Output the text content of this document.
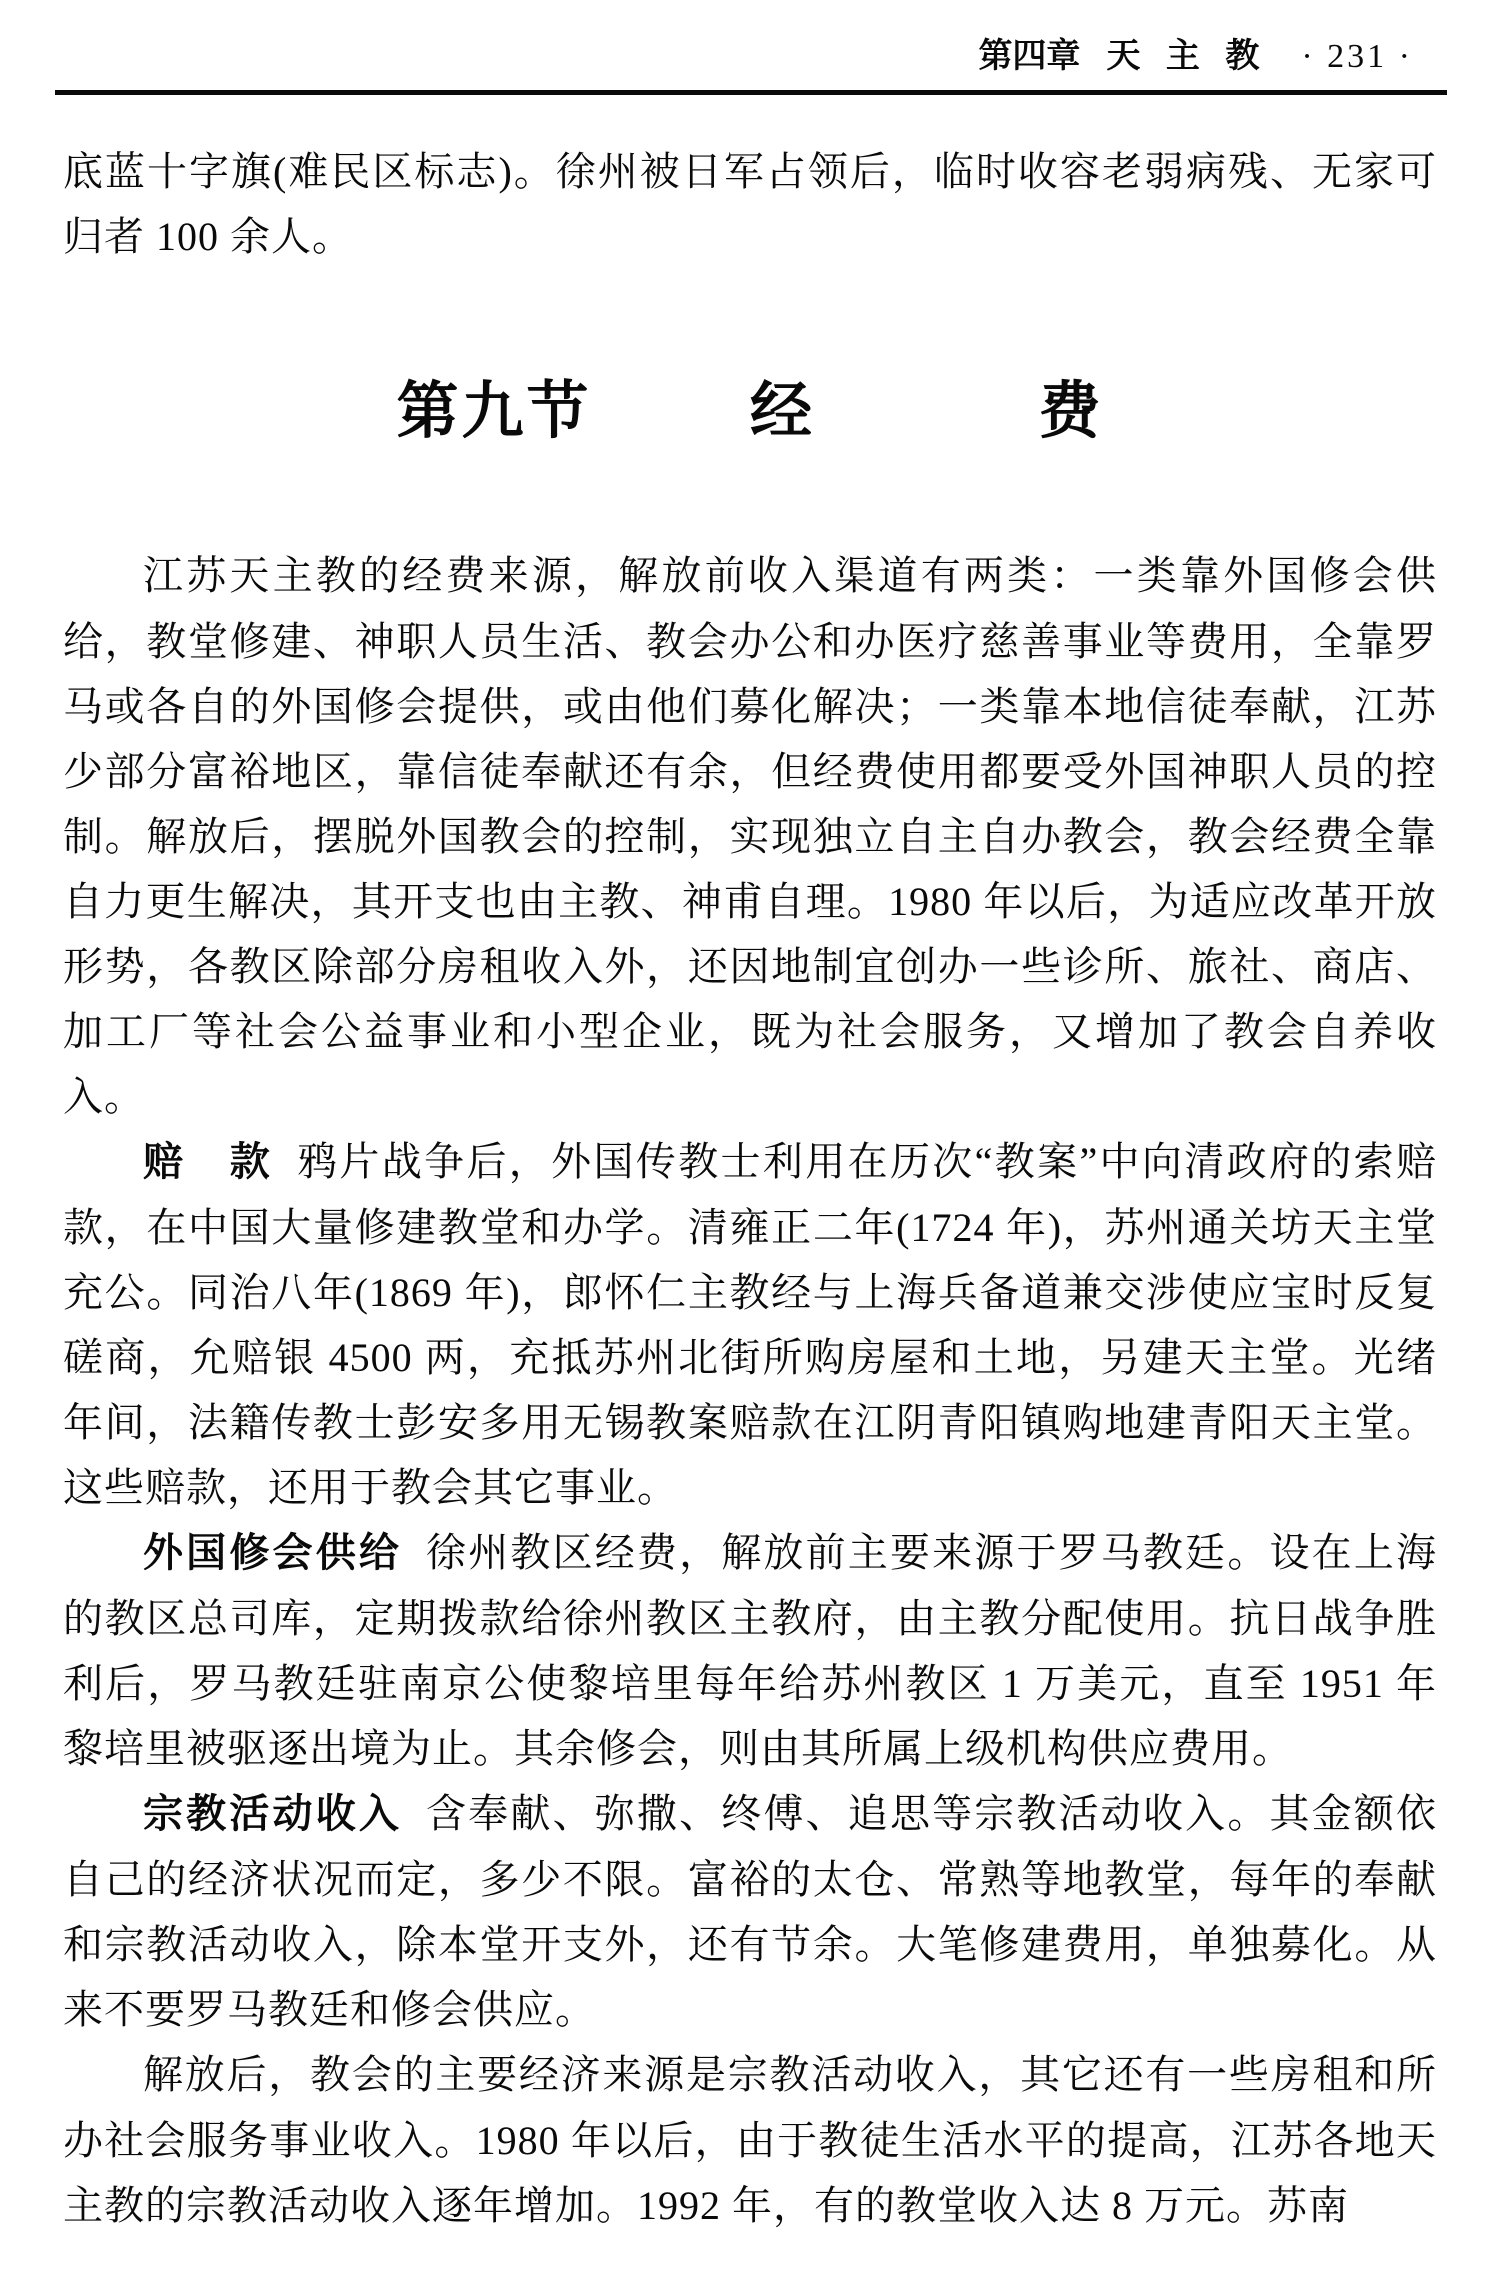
第四章 天 主 教 · 231 ·

底蓝十字旗(难民区标志)。徐州被日军占领后，临时收容老弱病残、无家可归者 100 余人。

第九节	经	费

江苏天主教的经费来源，解放前收入渠道有两类：一类靠外国修会供给，教堂修建、神职人员生活、教会办公和办医疗慈善事业等费用，全靠罗马或各自的外国修会提供，或由他们募化解决；一类靠本地信徒奉献，江苏少部分富裕地区，靠信徒奉献还有余，但经费使用都要受外国神职人员的控制。解放后，摆脱外国教会的控制，实现独立自主自办教会，教会经费全靠自力更生解决，其开支也由主教、神甫自理。1980 年以后，为适应改革开放形势，各教区除部分房租收入外，还因地制宜创办一些诊所、旅社、商店、加工厂等社会公益事业和小型企业，既为社会服务，又增加了教会自养收入。

赔　款 鸦片战争后，外国传教士利用在历次“教案”中向清政府的索赔款，在中国大量修建教堂和办学。清雍正二年(1724 年)，苏州通关坊天主堂充公。同治八年(1869 年)，郎怀仁主教经与上海兵备道兼交涉使应宝时反复磋商，允赔银 4500 两，充抵苏州北街所购房屋和土地，另建天主堂。光绪年间，法籍传教士彭安多用无锡教案赔款在江阴青阳镇购地建青阳天主堂。这些赔款，还用于教会其它事业。

外国修会供给 徐州教区经费，解放前主要来源于罗马教廷。设在上海的教区总司库，定期拨款给徐州教区主教府，由主教分配使用。抗日战争胜利后，罗马教廷驻南京公使黎培里每年给苏州教区 1 万美元，直至 1951 年黎培里被驱逐出境为止。其余修会，则由其所属上级机构供应费用。

宗教活动收入 含奉献、弥撒、终傅、追思等宗教活动收入。其金额依自己的经济状况而定，多少不限。富裕的太仓、常熟等地教堂，每年的奉献和宗教活动收入，除本堂开支外，还有节余。大笔修建费用，单独募化。从来不要罗马教廷和修会供应。

解放后，教会的主要经济来源是宗教活动收入，其它还有一些房租和所办社会服务事业收入。1980 年以后，由于教徒生活水平的提高，江苏各地天主教的宗教活动收入逐年增加。1992 年，有的教堂收入达 8 万元。苏南
